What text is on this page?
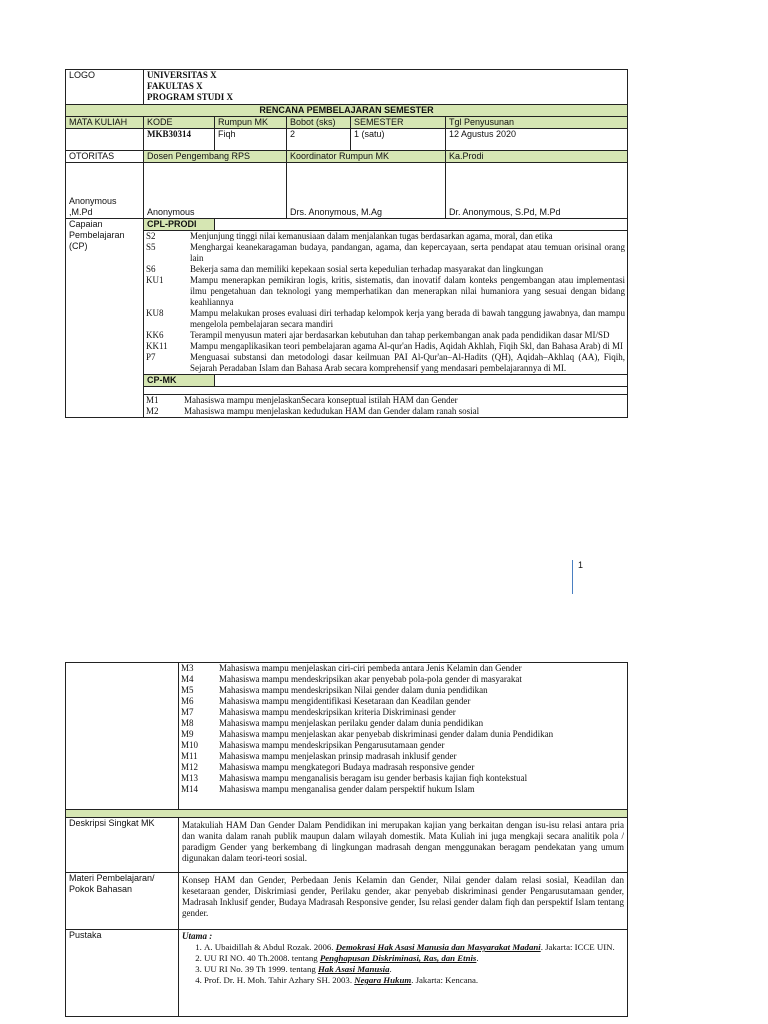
LOGO	UNIVERSITAS X
FAKULTAS X
PROGRAM STUDI X

RENCANA PEMBELAJARAN SEMESTER
MATA KULIAH	KODE	Rumpun MK	Bobot (sks)	SEMESTER	Tgl Penyusunan
	MKB30314	Fiqh	2	1 (satu)	12 Agustus 2020
OTORITAS	Dosen Pengembang RPS	Koordinator Rumpun MK	Ka.Prodi
Anonymous ,M.Pd	Anonymous	Drs. Anonymous, M.Ag	Dr. Anonymous, S.Pd, M.Pd
Capaian Pembelajaran (CP)	CPL-PRODI	

S2	Menjunjung tinggi nilai kemanusiaan dalam menjalankan tugas berdasarkan agama, moral, dan etika
S5	Menghargai keanekaragaman budaya, pandangan, agama, dan kepercayaan, serta pendapat atau temuan orisinal orang lain
S6	Bekerja sama dan memiliki kepekaan sosial serta kepedulian terhadap masyarakat dan lingkungan
KU1	Mampu menerapkan pemikiran logis, kritis, sistematis, dan inovatif dalam konteks pengembangan atau implementasi ilmu pengetahuan dan teknologi yang memperhatikan dan menerapkan nilai humaniora yang sesuai dengan bidang keahliannya
KU8	Mampu melakukan proses evaluasi diri terhadap kelompok kerja yang berada di bawah tanggung jawabnya, dan mampu mengelola pembelajaran secara mandiri
KK6	Terampil menyusun materi ajar berdasarkan kebutuhan dan tahap perkembangan anak pada pendidikan dasar MI/SD
KK11	Mampu mengaplikasikan teori pembelajaran agama Al-qur'an Hadis, Aqidah Akhlah, Fiqih Skl, dan Bahasa Arab) di MI
P7	Menguasai substansi dan metodologi dasar keilmuan PAI Al-Qur'an–Al-Hadits (QH), Aqidah–Akhlaq (AA), Fiqih, Sejarah Peradaban Islam dan Bahasa Arab secara komprehensif yang mendasari pembelajarannya di MI.

CP-MK	

M1	Mahasiswa mampu menjelaskanSecara konseptual istilah HAM dan Gender
M2	Mahasiswa mampu menjelaskan kedudukan HAM dan Gender dalam ranah sosial
1

M3	Mahasiswa mampu menjelaskan ciri-ciri pembeda antara Jenis Kelamin dan Gender
M4	Mahasiswa mampu mendeskripsikan akar penyebab pola-pola gender di masyarakat
M5	Mahasiswa mampu mendeskripsikan Nilai gender dalam dunia pendidikan
M6	Mahasiswa mampu mengidentifikasi Kesetaraan dan Keadilan gender
M7	Mahasiswa mampu mendeskripsikan kriteria Diskriminasi gender
M8	Mahasiswa mampu menjelaskan perilaku gender dalam dunia pendidikan
M9	Mahasiswa mampu menjelaskan akar penyebab diskriminasi gender dalam dunia Pendidikan
M10	Mahasiswa mampu mendeskripsikan Pengarusutamaan gender
M11	Mahasiswa mampu menjelaskan prinsip madrasah inklusif gender
M12	Mahasiswa mampu mengkategori Budaya madrasah responsive gender
M13	Mahasiswa mampu menganalisis beragam isu gender berbasis kajian fiqh kontekstual
M14	Mahasiswa mampu menganalisa gender dalam perspektif hukum Islam

Deskripsi Singkat MK	Matakuliah HAM Dan Gender Dalam Pendidikan ini merupakan kajian yang berkaitan dengan isu-isu relasi antara pria dan wanita dalam ranah publik maupun dalam wilayah domestik. Mata Kuliah ini juga mengkaji secara analitik pola / paradigm Gender yang berkembang di lingkungan madrasah dengan menggunakan beragam pendekatan yang umum digunakan dalam teori-teori sosial.
Materi Pembelajaran/ Pokok Bahasan	Konsep HAM dan Gender, Perbedaan Jenis Kelamin dan Gender, Nilai gender dalam relasi sosial, Keadilan dan kesetaraan gender, Diskrimiasi gender, Perilaku gender, akar penyebab diskriminasi gender Pengarusutamaan gender, Madrasah Inklusif gender, Budaya Madrasah Responsive gender, Isu relasi gender dalam fiqh dan perspektif Islam tentang gender.
Pustaka	Utama :
1. A. Ubaidillah & Abdul Rozak. 2006. Demokrasi Hak Asasi Manusia dan Masyarakat Madani. Jakarta: ICCE UIN.
2. UU RI NO. 40 Th.2008. tentang Penghapusan Diskriminasi, Ras, dan Etnis.
3. UU RI No. 39 Th 1999. tentang Hak Asasi Manusia.
4. Prof. Dr. H. Moh. Tahir Azhary SH. 2003. Negara Hukum. Jakarta: Kencana.
